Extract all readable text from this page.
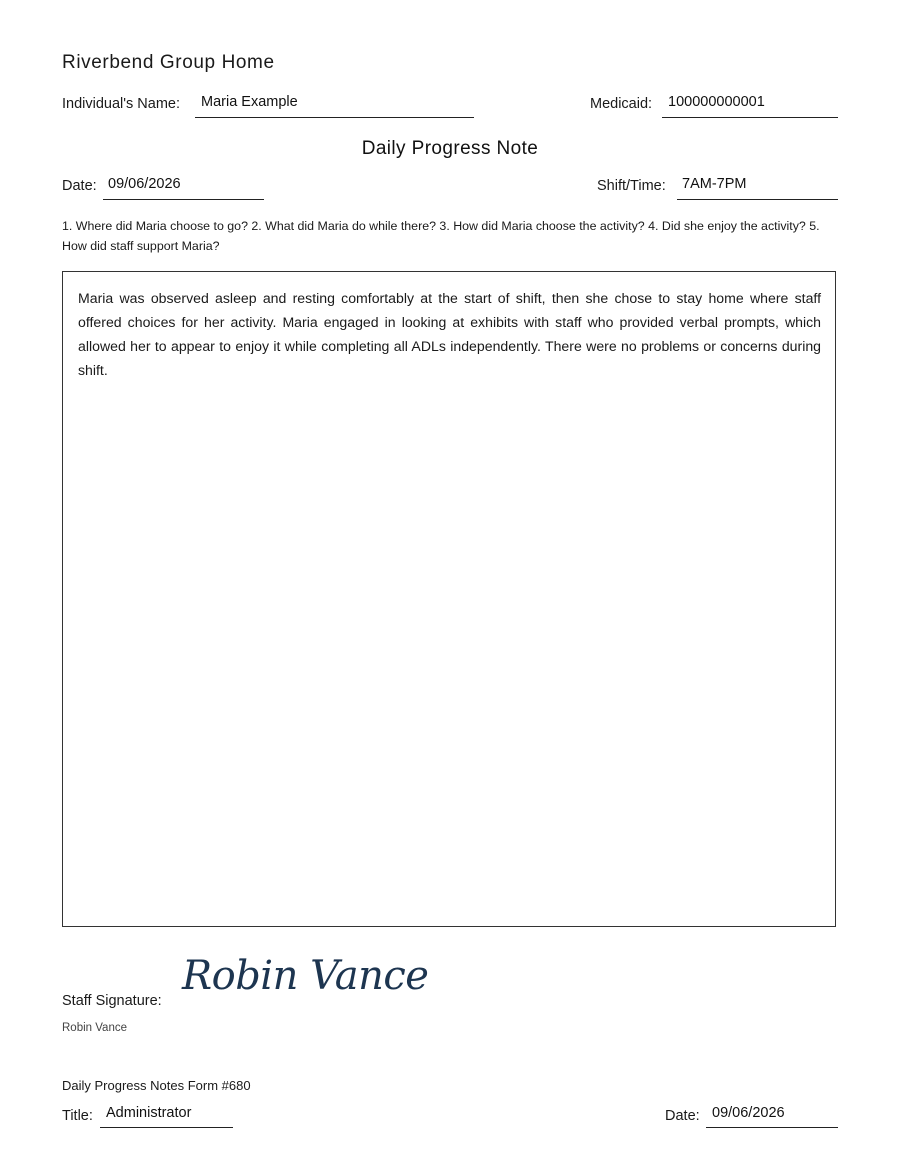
Riverbend Group Home
Individual's Name: Maria Example	Medicaid: 100000000001
Daily Progress Note
Date: 09/06/2026	Shift/Time: 7AM-7PM
1. Where did Maria choose to go? 2. What did Maria do while there? 3. How did Maria choose the activity? 4. Did she enjoy the activity? 5. How did staff support Maria?
Maria was observed asleep and resting comfortably at the start of shift, then she chose to stay home where staff offered choices for her activity. Maria engaged in looking at exhibits with staff who provided verbal prompts, which allowed her to appear to enjoy it while completing all ADLs independently. There were no problems or concerns during shift.
Staff Signature:
Robin Vance
Robin Vance
Daily Progress Notes Form #680
Title: Administrator	Date: 09/06/2026
